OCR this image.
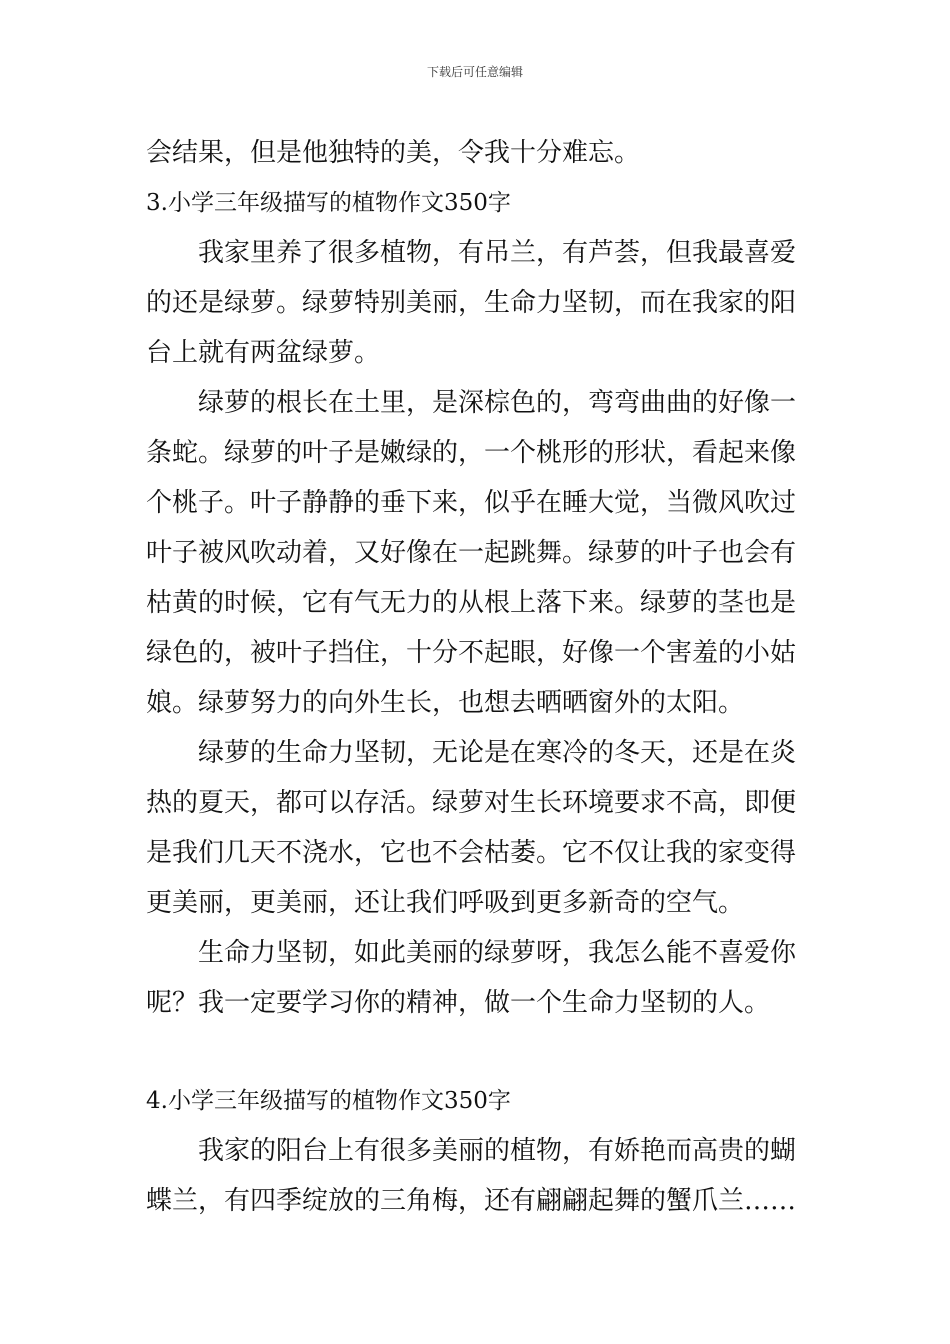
下载后可任意编辑
会结果，但是他独特的美，令我十分难忘。
3.小学三年级描写的植物作文350字
我家里养了很多植物，有吊兰，有芦荟，但我最喜爱
的还是绿萝。绿萝特别美丽，生命力坚韧，而在我家的阳
台上就有两盆绿萝。
绿萝的根长在土里，是深棕色的，弯弯曲曲的好像一
条蛇。绿萝的叶子是嫩绿的，一个桃形的形状，看起来像
个桃子。叶子静静的垂下来，似乎在睡大觉，当微风吹过
叶子被风吹动着，又好像在一起跳舞。绿萝的叶子也会有
枯黄的时候，它有气无力的从根上落下来。绿萝的茎也是
绿色的，被叶子挡住，十分不起眼，好像一个害羞的小姑
娘。绿萝努力的向外生长，也想去晒晒窗外的太阳。
绿萝的生命力坚韧，无论是在寒冷的冬天，还是在炎
热的夏天，都可以存活。绿萝对生长环境要求不高，即便
是我们几天不浇水，它也不会枯萎。它不仅让我的家变得
更美丽，更美丽，还让我们呼吸到更多新奇的空气。
生命力坚韧，如此美丽的绿萝呀，我怎么能不喜爱你
呢？我一定要学习你的精神，做一个生命力坚韧的人。
4.小学三年级描写的植物作文350字
我家的阳台上有很多美丽的植物，有娇艳而高贵的蝴
蝶兰，有四季绽放的三角梅，还有翩翩起舞的蟹爪兰……
